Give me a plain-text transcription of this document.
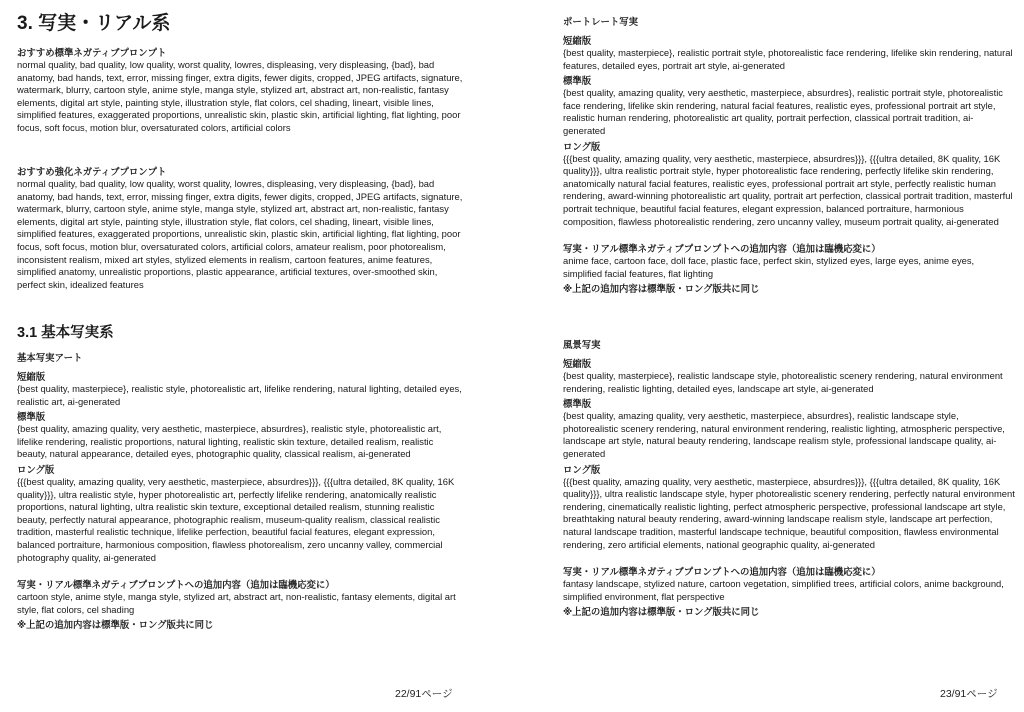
3. 写実・リアル系

おすすめ標準ネガティブプロンプト

normal quality, bad quality, low quality, worst quality, lowres, displeasing, very displeasing, {bad}, bad anatomy, bad hands, text, error, missing finger, extra digits, fewer digits, cropped, JPEG artifacts, signature, watermark, blurry, cartoon style, anime style, manga style, stylized art, abstract art, non-realistic, fantasy elements, digital art style, painting style, illustration style, flat colors, cel shading, lineart, visible lines, simplified features, exaggerated proportions, unrealistic skin, plastic skin, artificial lighting, flat lighting, poor focus, soft focus, motion blur, oversaturated colors, artificial colors

おすすめ強化ネガティブプロンプト

normal quality, bad quality, low quality, worst quality, lowres, displeasing, very displeasing, {bad}, bad anatomy, bad hands, text, error, missing finger, extra digits, fewer digits, cropped, JPEG artifacts, signature, watermark, blurry, cartoon style, anime style, manga style, stylized art, abstract art, non-realistic, fantasy elements, digital art style, painting style, illustration style, flat colors, cel shading, lineart, visible lines, simplified features, exaggerated proportions, unrealistic skin, plastic skin, artificial lighting, flat lighting, poor focus, soft focus, motion blur, oversaturated colors, artificial colors, amateur realism, poor photorealism, inconsistent realism, mixed art styles, stylized elements in realism, cartoon features, anime features, simplified anatomy, unrealistic proportions, plastic appearance, artificial textures, over-smoothed skin, perfect skin, idealized features

3.1 基本写実系

基本写実アート

短縮版

{best quality, masterpiece}, realistic style, photorealistic art, lifelike rendering, natural lighting, detailed eyes, realistic art, ai-generated

標準版

{best quality, amazing quality, very aesthetic, masterpiece, absurdres}, realistic style, photorealistic art, lifelike rendering, realistic proportions, natural lighting, realistic skin texture, detailed realism, realistic beauty, natural appearance, detailed eyes, photographic quality, classical realism, ai-generated

ロング版

{{{best quality, amazing quality, very aesthetic, masterpiece, absurdres}}}, {{{ultra detailed, 8K quality, 16K quality}}}, ultra realistic style, hyper photorealistic art, perfectly lifelike rendering, anatomically realistic proportions, natural lighting, ultra realistic skin texture, exceptional detailed realism, stunning realistic beauty, perfectly natural appearance, photographic realism, museum-quality realism, classical realistic tradition, masterful realistic technique, lifelike perfection, beautiful facial features, elegant expression, balanced portraiture, harmonious composition, flawless photorealism, zero uncanny valley, commercial photography quality, ai-generated

写実・リアル標準ネガティブプロンプトへの追加内容（追加は臨機応変に）

cartoon style, anime style, manga style, stylized art, abstract art, non-realistic, fantasy elements, digital art style, flat colors, cel shading

※上記の追加内容は標準版・ロング版共に同じ

22/91ページ

ポートレート写実

短縮版

{best quality, masterpiece}, realistic portrait style, photorealistic face rendering, lifelike skin rendering, natural features, detailed eyes, portrait art style, ai-generated

標準版

{best quality, amazing quality, very aesthetic, masterpiece, absurdres}, realistic portrait style, photorealistic face rendering, lifelike skin rendering, natural facial features, realistic eyes, professional portrait art style, realistic human rendering, photorealistic art quality, portrait perfection, classical portrait tradition, ai-generated

ロング版

{{{best quality, amazing quality, very aesthetic, masterpiece, absurdres}}}, {{{ultra detailed, 8K quality, 16K quality}}}, ultra realistic portrait style, hyper photorealistic face rendering, perfectly lifelike skin rendering, anatomically natural facial features, realistic eyes, professional portrait art style, perfectly realistic human rendering, award-winning photorealistic art quality, portrait art perfection, classical portrait tradition, masterful portrait technique, beautiful facial features, elegant expression, balanced portraiture, harmonious composition, flawless photorealistic rendering, zero uncanny valley, museum portrait quality, ai-generated

写実・リアル標準ネガティブプロンプトへの追加内容（追加は臨機応変に）

anime face, cartoon face, doll face, plastic face, perfect skin, stylized eyes, large eyes, anime eyes, simplified facial features, flat lighting

※上記の追加内容は標準版・ロング版共に同じ

風景写実

短縮版

{best quality, masterpiece}, realistic landscape style, photorealistic scenery rendering, natural environment rendering, realistic lighting, detailed eyes, landscape art style, ai-generated

標準版

{best quality, amazing quality, very aesthetic, masterpiece, absurdres}, realistic landscape style, photorealistic scenery rendering, natural environment rendering, realistic lighting, atmospheric perspective, landscape art style, natural beauty rendering, landscape realism style, professional landscape quality, ai-generated

ロング版

{{{best quality, amazing quality, very aesthetic, masterpiece, absurdres}}}, {{{ultra detailed, 8K quality, 16K quality}}}, ultra realistic landscape style, hyper photorealistic scenery rendering, perfectly natural environment rendering, cinematically realistic lighting, perfect atmospheric perspective, professional landscape art style, breathtaking natural beauty rendering, award-winning landscape realism style, landscape art perfection, natural landscape tradition, masterful landscape technique, beautiful composition, flawless environmental rendering, zero artificial elements, national geographic quality, ai-generated

写実・リアル標準ネガティブプロンプトへの追加内容（追加は臨機応変に）

fantasy landscape, stylized nature, cartoon vegetation, simplified trees, artificial colors, anime background, simplified environment, flat perspective

※上記の追加内容は標準版・ロング版共に同じ

23/91ページ
